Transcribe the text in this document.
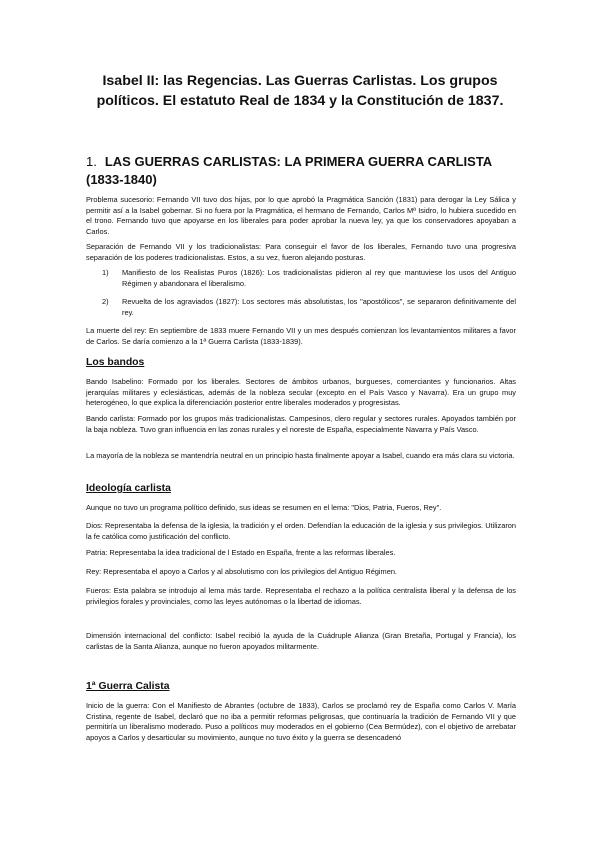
Isabel II: las Regencias. Las Guerras Carlistas. Los grupos políticos. El estatuto Real de 1834 y la Constitución de 1837.
1. LAS GUERRAS CARLISTAS: LA PRIMERA GUERRA CARLISTA (1833-1840)
Problema sucesorio: Fernando VII tuvo dos hijas, por lo que aprobó la Pragmática Sanción (1831) para derogar la Ley Sálica y permitir así a la Isabel gobernar. Si no fuera por la Pragmática, el hermano de Fernando, Carlos Mª Isidro, lo hubiera sucedido en el trono. Fernando tuvo que apoyarse en los liberales para poder aprobar la nueva ley, ya que los conservadores apoyaban a Carlos.
Separación de Fernando VII y los tradicionalistas: Para conseguir el favor de los liberales, Fernando tuvo una progresiva separación de los poderes tradicionalistas. Estos, a su vez, fueron alejando posturas.
1) Manifiesto de los Realistas Puros (1826): Los tradicionalistas pidieron al rey que mantuviese los usos del Antiguo Régimen y abandonara el liberalismo.
2) Revuelta de los agraviados (1827): Los sectores más absolutistas, los "apostólicos", se separaron definitivamente del rey.
La muerte del rey: En septiembre de 1833 muere Fernando VII y un mes después comienzan los levantamientos militares a favor de Carlos. Se daría comienzo a la 1ª Guerra Carlista (1833-1839).
Los bandos
Bando Isabelino: Formado por los liberales. Sectores de ámbitos urbanos, burgueses, comerciantes y funcionarios. Altas jerarquías militares y eclesiásticas, además de la nobleza secular (excepto en el País Vasco y Navarra). Era un grupo muy heterogéneo, lo que explica la diferenciación posterior entre liberales moderados y progresistas.
Bando carlista: Formado por los grupos más tradicionalistas. Campesinos, clero regular y sectores rurales. Apoyados también por la baja nobleza. Tuvo gran influencia en las zonas rurales y el noreste de España, especialmente Navarra y País Vasco.
La mayoría de la nobleza se mantendría neutral en un principio hasta finalmente apoyar a Isabel, cuando era más clara su victoria.
Ideología carlista
Aunque no tuvo un programa político definido, sus ideas se resumen en el lema: "Dios, Patria, Fueros, Rey".
Dios: Representaba la defensa de la iglesia, la tradición y el orden. Defendían la educación de la iglesia y sus privilegios. Utilizaron la fe católica como justificación del conflicto.
Patria: Representaba la idea tradicional de l Estado en España, frente a las reformas liberales.
Rey: Representaba el apoyo a Carlos y al absolutismo con los privilegios del Antiguo Régimen.
Fueros: Esta palabra se introdujo al lema más tarde. Representaba el rechazo a la política centralista liberal y la defensa de los privilegios forales y provinciales, como las leyes autónomas o la libertad de idiomas.
Dimensión internacional del conflicto: Isabel recibió la ayuda de la Cuádruple Alianza (Gran Bretaña, Portugal y Francia), los carlistas de la Santa Alianza, aunque no fueron apoyados militarmente.
1ª Guerra Calista
Inicio de la guerra: Con el Manifiesto de Abrantes (octubre de 1833), Carlos se proclamó rey de España como Carlos V. María Cristina, regente de Isabel, declaró que no iba a permitir reformas peligrosas, que continuaría la tradición de Fernando VII y que permitiría un liberalismo moderado. Puso a políticos muy moderados en el gobierno (Cea Bermúdez), con el objetivo de arrebatar apoyos a Carlos y desarticular su movimiento, aunque no tuvo éxito y la guerra se desencadenó
